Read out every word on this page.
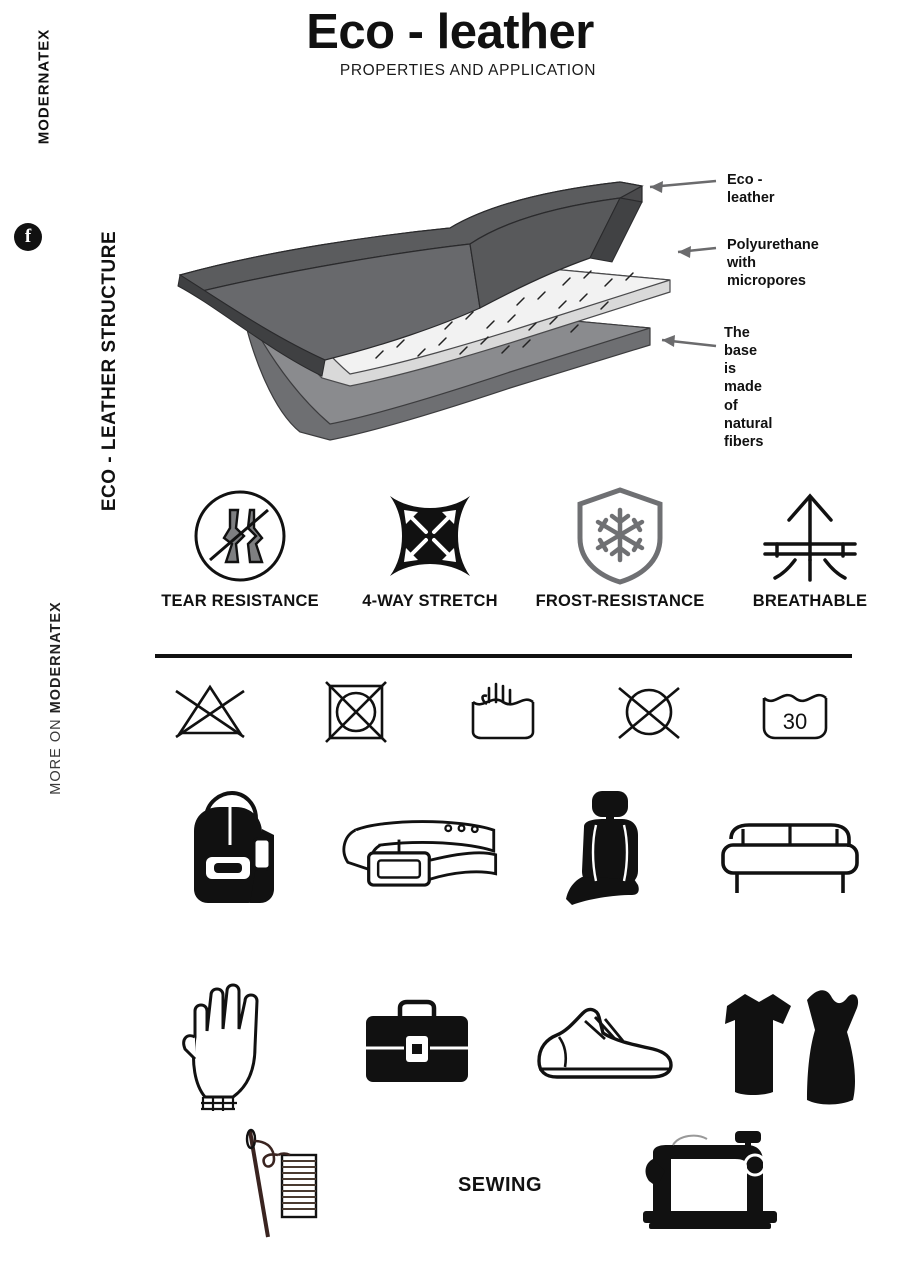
Eco - leather
PROPERTIES AND APPLICATION
MODERNATEX
f	ECO - LEATHER STRUCTURE
MORE ON MODERNATEX
Eco - leather
Polyurethane
with micropores
The base is made
of natural fibers
TEAR RESISTANCE	4-WAY STRETCH	FROST-RESISTANCE	BREATHABLE
30
SEWING
